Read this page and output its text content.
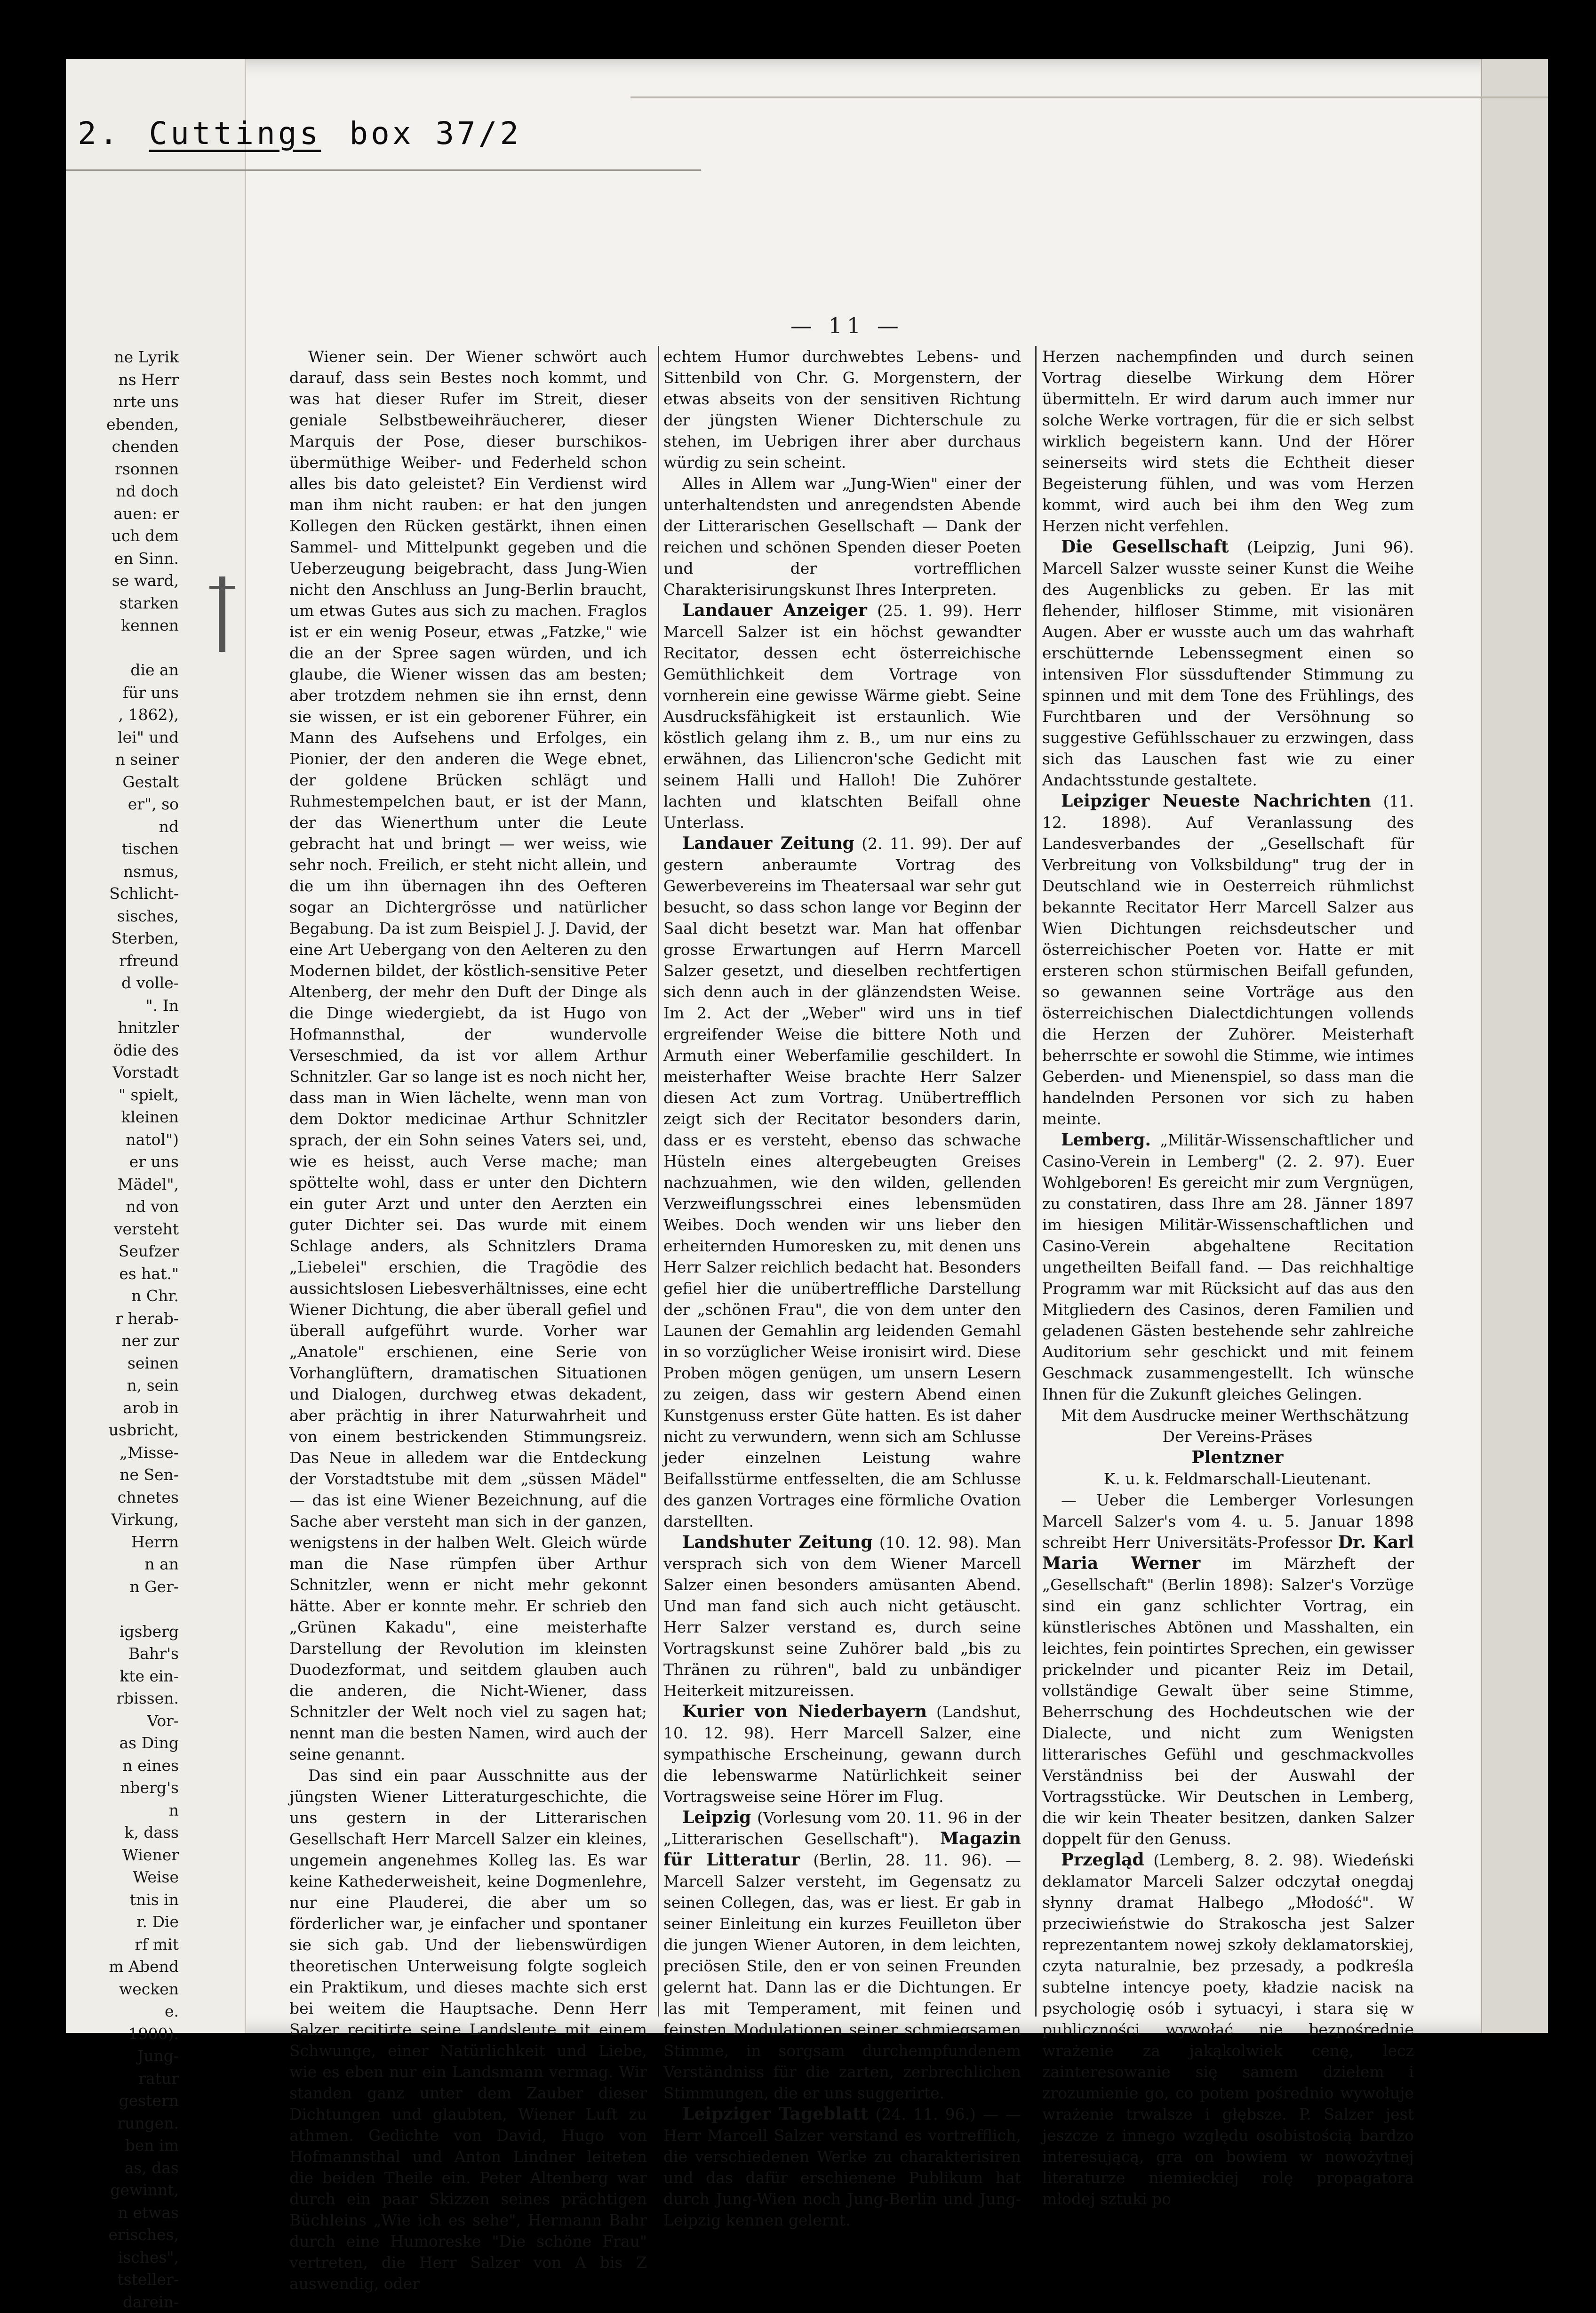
2. Cuttings box 37/2
— 11 —
ne Lyrik
ns Herr
nrte uns
ebenden,
chenden
rsonnen
nd doch
auen: er
uch dem
en Sinn.
se ward,
starken
kennen
die an
für uns
, 1862),
lei" und
n seiner
Gestalt
er", so
nd
tischen
nsmus,
Schlicht-
sisches,
Sterben,
rfreund
d volle-
". In
hnitzler
ödie des
Vorstadt
" spielt,
kleinen
natol")
er uns
Mädel",
nd von
versteht
Seufzer
es hat."
n Chr.
r herab-
ner zur
seinen
n, sein
arob in
usbricht,
„Misse-
ne Sen-
chnetes
Virkung,
Herrn
n an
n Ger-
igsberg
Bahr's
kte ein-
rbissen.
Vor-
as Ding
n eines
nberg's
n
k, dass
Wiener
Weise
tnis in
r. Die
rf mit
m Abend
wecken
e.
1900).
Jung-
ratur
gestern
rungen.
ben im
as, das
gewinnt,
n etwas
erisches,
isches",
tsteller-
darein-

Wiener sein. Der Wiener schwört auch darauf, dass sein Bestes noch kommt, und was hat dieser Rufer im Streit, dieser geniale Selbstbeweihräucherer, dieser Marquis der Pose, dieser burschikos-übermüthige Weiber- und Federheld schon alles bis dato geleistet? Ein Verdienst wird man ihm nicht rauben: er hat den jungen Kollegen den Rücken gestärkt, ihnen einen Sammel- und Mittelpunkt gegeben und die Ueberzeugung beigebracht, dass Jung-Wien nicht den Anschluss an Jung-Berlin braucht, um etwas Gutes aus sich zu machen. Fraglos ist er ein wenig Poseur, etwas „Fatzke," wie die an der Spree sagen würden, und ich glaube, die Wiener wissen das am besten; aber trotzdem nehmen sie ihn ernst, denn sie wissen, er ist ein geborener Führer, ein Mann des Aufsehens und Erfolges, ein Pionier, der den anderen die Wege ebnet, der goldene Brücken schlägt und Ruhmestempelchen baut, er ist der Mann, der das Wienerthum unter die Leute gebracht hat und bringt — wer weiss, wie sehr noch. Freilich, er steht nicht allein, und die um ihn übernagen ihn des Oefteren sogar an Dichtergrösse und natürlicher Begabung. Da ist zum Beispiel J. J. David, der eine Art Uebergang von den Aelteren zu den Modernen bildet, der köstlich-sensitive Peter Altenberg, der mehr den Duft der Dinge als die Dinge wiedergiebt, da ist Hugo von Hofmannsthal, der wundervolle Verseschmied, da ist vor allem Arthur Schnitzler. Gar so lange ist es noch nicht her, dass man in Wien lächelte, wenn man von dem Doktor medicinae Arthur Schnitzler sprach, der ein Sohn seines Vaters sei, und, wie es heisst, auch Verse mache; man spöttelte wohl, dass er unter den Dichtern ein guter Arzt und unter den Aerzten ein guter Dichter sei. Das wurde mit einem Schlage anders, als Schnitzlers Drama „Liebelei" erschien, die Tragödie des aussichtslosen Liebesverhältnisses, eine echt Wiener Dichtung, die aber überall gefiel und überall aufgeführt wurde. Vorher war „Anatole" erschienen, eine Serie von Vorhanglüftern, dramatischen Situationen und Dialogen, durchweg etwas dekadent, aber prächtig in ihrer Naturwahrheit und von einem bestrickenden Stimmungsreiz. Das Neue in alledem war die Entdeckung der Vorstadtstube mit dem „süssen Mädel" — das ist eine Wiener Bezeichnung, auf die Sache aber versteht man sich in der ganzen, wenigstens in der halben Welt. Gleich würde man die Nase rümpfen über Arthur Schnitzler, wenn er nicht mehr gekonnt hätte. Aber er konnte mehr. Er schrieb den „Grünen Kakadu", eine meisterhafte Darstellung der Revolution im kleinsten Duodezformat, und seitdem glauben auch die anderen, die Nicht-Wiener, dass Schnitzler der Welt noch viel zu sagen hat; nennt man die besten Namen, wird auch der seine genannt.

Das sind ein paar Ausschnitte aus der jüngsten Wiener Litteraturgeschichte, die uns gestern in der Litterarischen Gesellschaft Herr Marcell Salzer ein kleines, ungemein angenehmes Kolleg las. Es war keine Kathederweisheit, keine Dogmenlehre, nur eine Plauderei, die aber um so förderlicher war, je einfacher und spontaner sie sich gab. Und der liebenswürdigen theoretischen Unterweisung folgte sogleich ein Praktikum, und dieses machte sich erst bei weitem die Hauptsache. Denn Herr Salzer recitirte seine Landsleute mit einem Schwunge, einer Natürlichkeit und Liebe, wie es eben nur ein Landsmann vermag. Wir standen ganz unter dem Zauber dieser Dichtungen und glaubten, Wiener Luft zu athmen. Gedichte von David, Hugo von Hofmannsthal und Anton Lindner leiteten die beiden Theile ein. Peter Altenberg war durch ein paar Skizzen seines prächtigen Büchleins „Wie ich es sehe", Hermann Bahr durch eine Humoreske "Die schöne Frau" vertreten, die Herr Salzer von A bis Z auswendig, oder

echtem Humor durchwebtes Lebens- und Sittenbild von Chr. G. Morgenstern, der etwas abseits von der sensitiven Richtung der jüngsten Wiener Dichterschule zu stehen, im Uebrigen ihrer aber durchaus würdig zu sein scheint.

Alles in Allem war „Jung-Wien" einer der unterhaltendsten und anregendsten Abende der Litterarischen Gesellschaft — Dank der reichen und schönen Spenden dieser Poeten und der vortrefflichen Charakterisirungskunst Ihres Interpreten.

Landauer Anzeiger (25. 1. 99). Herr Marcell Salzer ist ein höchst gewandter Recitator, dessen echt österreichische Gemüthlichkeit dem Vortrage von vornherein eine gewisse Wärme giebt. Seine Ausdrucksfähigkeit ist erstaunlich. Wie köstlich gelang ihm z. B., um nur eins zu erwähnen, das Liliencron'sche Gedicht mit seinem Halli und Halloh! Die Zuhörer lachten und klatschten Beifall ohne Unterlass.

Landauer Zeitung (2. 11. 99). Der auf gestern anberaumte Vortrag des Gewerbevereins im Theatersaal war sehr gut besucht, so dass schon lange vor Beginn der Saal dicht besetzt war. Man hat offenbar grosse Erwartungen auf Herrn Marcell Salzer gesetzt, und dieselben rechtfertigen sich denn auch in der glänzendsten Weise. Im 2. Act der „Weber" wird uns in tief ergreifender Weise die bittere Noth und Armuth einer Weberfamilie geschildert. In meisterhafter Weise brachte Herr Salzer diesen Act zum Vortrag. Unübertrefflich zeigt sich der Recitator besonders darin, dass er es versteht, ebenso das schwache Hüsteln eines altergebeugten Greises nachzuahmen, wie den wilden, gellenden Verzweiflungsschrei eines lebensmüden Weibes. Doch wenden wir uns lieber den erheiternden Humoresken zu, mit denen uns Herr Salzer reichlich bedacht hat. Besonders gefiel hier die unübertreffliche Darstellung der „schönen Frau", die von dem unter den Launen der Gemahlin arg leidenden Gemahl in so vorzüglicher Weise ironisirt wird. Diese Proben mögen genügen, um unsern Lesern zu zeigen, dass wir gestern Abend einen Kunstgenuss erster Güte hatten. Es ist daher nicht zu verwundern, wenn sich am Schlusse jeder einzelnen Leistung wahre Beifallsstürme entfesselten, die am Schlusse des ganzen Vortrages eine förmliche Ovation darstellten.

Landshuter Zeitung (10. 12. 98). Man versprach sich von dem Wiener Marcell Salzer einen besonders amüsanten Abend. Und man fand sich auch nicht getäuscht. Herr Salzer verstand es, durch seine Vortragskunst seine Zuhörer bald „bis zu Thränen zu rühren", bald zu unbändiger Heiterkeit mitzureissen.

Kurier von Niederbayern (Landshut, 10. 12. 98). Herr Marcell Salzer, eine sympathische Erscheinung, gewann durch die lebenswarme Natürlichkeit seiner Vortragsweise seine Hörer im Flug.

Leipzig (Vorlesung vom 20. 11. 96 in der „Litterarischen Gesellschaft"). Magazin für Litteratur (Berlin, 28. 11. 96). — Marcell Salzer versteht, im Gegensatz zu seinen Collegen, das, was er liest. Er gab in seiner Einleitung ein kurzes Feuilleton über die jungen Wiener Autoren, in dem leichten, preciösen Stile, den er von seinen Freunden gelernt hat. Dann las er die Dichtungen. Er las mit Temperament, mit feinen und feinsten Modulationen seiner schmiegsamen Stimme, in sorgsam durchempfundenem Verständniss für die zarten, zerbrechlichen Stimmungen, die er uns suggerirte.

Leipziger Tageblatt (24. 11. 96.) — — Herr Marcell Salzer verstand es vortrefflich, die verschiedenen Werke zu charakterisiren und das dafür erschienene Publikum hat durch Jung-Wien noch Jung-Berlin und Jung-Leipzig kennen gelernt.

Herzen nachempfinden und durch seinen Vortrag dieselbe Wirkung dem Hörer übermitteln. Er wird darum auch immer nur solche Werke vortragen, für die er sich selbst wirklich begeistern kann. Und der Hörer seinerseits wird stets die Echtheit dieser Begeisterung fühlen, und was vom Herzen kommt, wird auch bei ihm den Weg zum Herzen nicht verfehlen.

Die Gesellschaft (Leipzig, Juni 96). Marcell Salzer wusste seiner Kunst die Weihe des Augenblicks zu geben. Er las mit flehender, hilfloser Stimme, mit visionären Augen. Aber er wusste auch um das wahrhaft erschütternde Lebenssegment einen so intensiven Flor süssduftender Stimmung zu spinnen und mit dem Tone des Frühlings, des Furchtbaren und der Versöhnung so suggestive Gefühlsschauer zu erzwingen, dass sich das Lauschen fast wie zu einer Andachtsstunde gestaltete.

Leipziger Neueste Nachrichten (11. 12. 1898). Auf Veranlassung des Landesverbandes der „Gesellschaft für Verbreitung von Volksbildung" trug der in Deutschland wie in Oesterreich rühmlichst bekannte Recitator Herr Marcell Salzer aus Wien Dichtungen reichsdeutscher und österreichischer Poeten vor. Hatte er mit ersteren schon stürmischen Beifall gefunden, so gewannen seine Vorträge aus den österreichischen Dialectdichtungen vollends die Herzen der Zuhörer. Meisterhaft beherrschte er sowohl die Stimme, wie intimes Geberden- und Mienenspiel, so dass man die handelnden Personen vor sich zu haben meinte.

Lemberg. „Militär-Wissenschaftlicher und Casino-Verein in Lemberg" (2. 2. 97). Euer Wohlgeboren! Es gereicht mir zum Vergnügen, zu constatiren, dass Ihre am 28. Jänner 1897 im hiesigen Militär-Wissenschaftlichen und Casino-Verein abgehaltene Recitation ungetheilten Beifall fand. — Das reichhaltige Programm war mit Rücksicht auf das aus den Mitgliedern des Casinos, deren Familien und geladenen Gästen bestehende sehr zahlreiche Auditorium sehr geschickt und mit feinem Geschmack zusammengestellt. Ich wünsche Ihnen für die Zukunft gleiches Gelingen.

Mit dem Ausdrucke meiner Werthschätzung

Der Vereins-Präses

Plentzner

K. u. k. Feldmarschall-Lieutenant.

— Ueber die Lemberger Vorlesungen Marcell Salzer's vom 4. u. 5. Januar 1898 schreibt Herr Universitäts-Professor Dr. Karl Maria Werner im Märzheft der „Gesellschaft" (Berlin 1898): Salzer's Vorzüge sind ein ganz schlichter Vortrag, ein künstlerisches Abtönen und Masshalten, ein leichtes, fein pointirtes Sprechen, ein gewisser prickelnder und picanter Reiz im Detail, vollständige Gewalt über seine Stimme, Beherrschung des Hochdeutschen wie der Dialecte, und nicht zum Wenigsten litterarisches Gefühl und geschmackvolles Verständniss bei der Auswahl der Vortragsstücke. Wir Deutschen in Lemberg, die wir kein Theater besitzen, danken Salzer doppelt für den Genuss.

Przegląd (Lemberg, 8. 2. 98). Wiedeński deklamator Marceli Salzer odczytał onegdaj słynny dramat Halbego „Młodość". W przeciwieństwie do Strakoscha jest Salzer reprezentantem nowej szkoły deklamatorskiej, czyta naturalnie, bez przesady, a podkreśla subtelne intencye poety, kładzie nacisk na psychologię osób i sytuacyi, i stara się w publiczności wywołać nie bezpośrednie wrażenie za jakąkolwiek cenę, lecz zainteresowanie się samem dziełem i zrozumienie go, co potem pośrednio wywołuje wrażenie trwalsze i głębsze. P. Salzer jest jeszcze z innego względu osobistością bardzo interesującą, gra on bowiem w nowożytnej literaturze niemieckiej rolę propagatora młodej sztuki po
